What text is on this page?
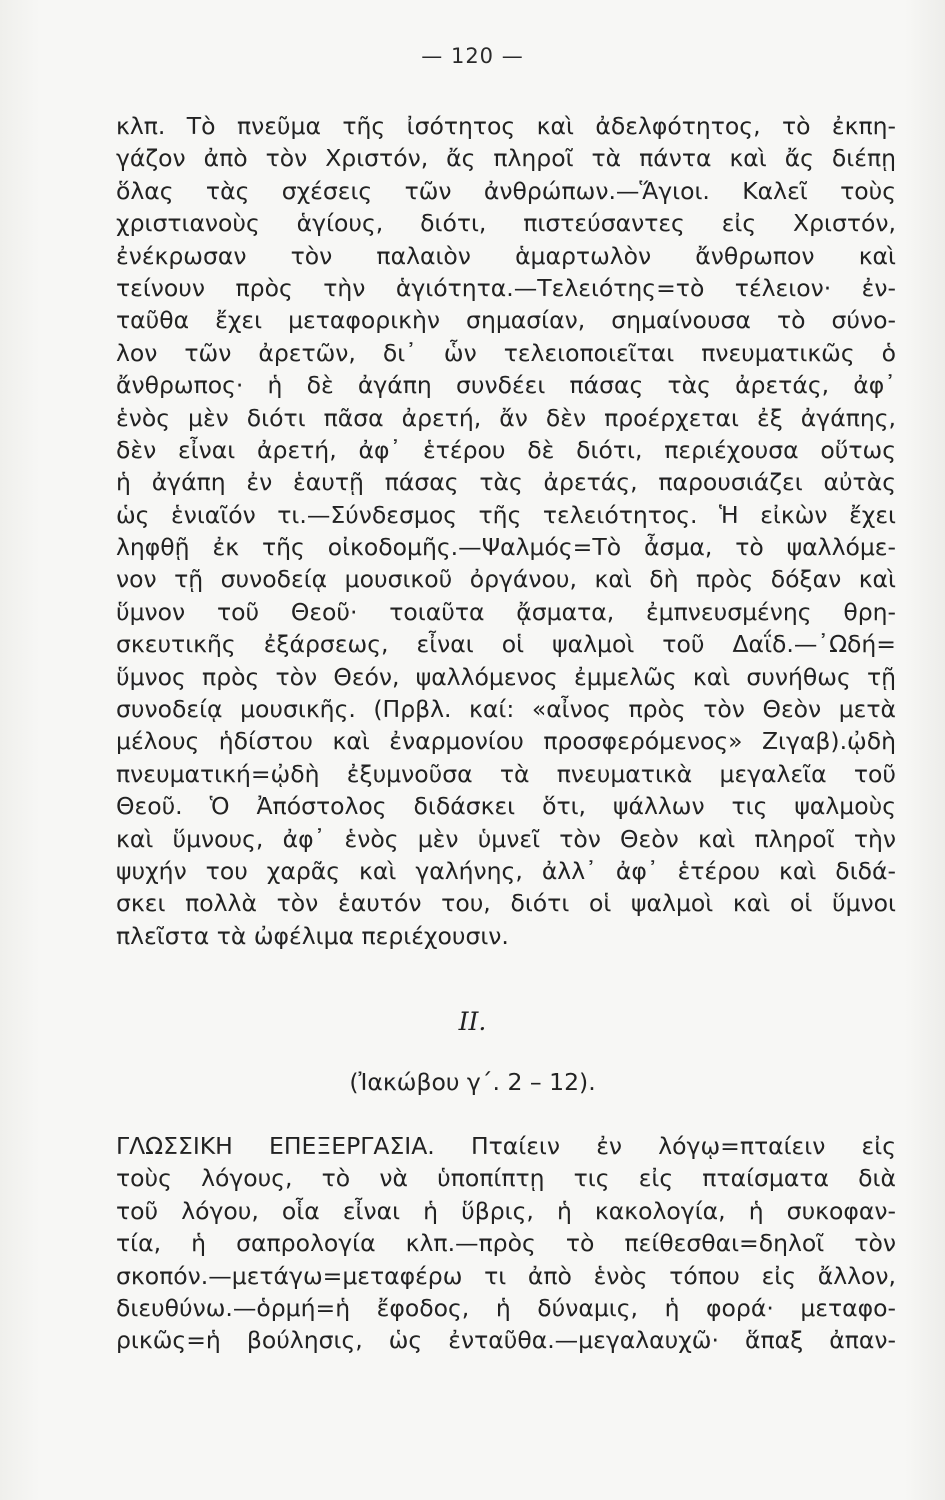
— 120 —
κλπ. Τὸ πνεῦμα τῆς ἰσότητος καὶ ἀδελφότητος, τὸ ἐκπη-
γάζον ἀπὸ τὸν Χριστόν, ἄς πληροῖ τὰ πάντα καὶ ἄς διέπῃ
ὅλας τὰς σχέσεις τῶν ἀνθρώπων.—Ἅγιοι. Καλεῖ τοὺς
χριστιανοὺς ἁγίους, διότι, πιστεύσαντες εἰς Χριστόν,
ἐνέκρωσαν τὸν παλαιὸν ἁμαρτωλὸν ἄνθρωπον καὶ
τείνουν πρὸς τὴν ἁγιότητα.—Τελειότης=τὸ τέλειον· ἐν-
ταῦθα ἔχει μεταφορικὴν σημασίαν, σημαίνουσα τὸ σύνο-
λον τῶν ἀρετῶν, δι᾽ ὧν τελειοποιεῖται πνευματικῶς ὁ
ἄνθρωπος· ἡ δὲ ἀγάπη συνδέει πάσας τὰς ἀρετάς, ἀφ᾽
ἑνὸς μὲν διότι πᾶσα ἀρετή, ἄν δὲν προέρχεται ἐξ ἀγάπης,
δὲν εἶναι ἀρετή, ἀφ᾽ ἑτέρου δὲ διότι, περιέχουσα οὕτως
ἡ ἀγάπη ἐν ἑαυτῇ πάσας τὰς ἀρετάς, παρουσιάζει αὐτὰς
ὡς ἑνιαῖόν τι.—Σύνδεσμος τῆς τελειότητος. Ἡ εἰκὼν ἔχει
ληφθῇ ἐκ τῆς οἰκοδομῆς.—Ψαλμός=Τὸ ἆσμα, τὸ ψαλλόμε-
νον τῇ συνοδείᾳ μουσικοῦ ὀργάνου, καὶ δὴ πρὸς δόξαν καὶ
ὕμνον τοῦ Θεοῦ· τοιαῦτα ᾄσματα, ἐμπνευσμένης θρη-
σκευτικῆς ἐξάρσεως, εἶναι οἱ ψαλμοὶ τοῦ Δαΐδ.—᾽Ωδή=
ὕμνος πρὸς τὸν Θεόν, ψαλλόμενος ἐμμελῶς καὶ συνήθως τῇ
συνοδείᾳ μουσικῆς. (Πρβλ. καί: «αἶνος πρὸς τὸν Θεὸν μετὰ
μέλους ἡδίστου καὶ ἐναρμονίου προσφερόμενος» Ζιγαβ).ᾠδὴ
πνευματική=ᾠδὴ ἐξυμνοῦσα τὰ πνευματικὰ μεγαλεῖα τοῦ
Θεοῦ. Ὁ Ἀπόστολος διδάσκει ὅτι, ψάλλων τις ψαλμοὺς
καὶ ὕμνους, ἀφ᾽ ἑνὸς μὲν ὑμνεῖ τὸν Θεὸν καὶ πληροῖ τὴν
ψυχήν του χαρᾶς καὶ γαλήνης, ἀλλ᾽ ἀφ᾽ ἑτέρου καὶ διδά-
σκει πολλὰ τὸν ἑαυτόν του, διότι οἱ ψαλμοὶ καὶ οἱ ὕμνοι
πλεῖστα τὰ ὠφέλιμα περιέχουσιν.
II.
(Ἰακώβου γ΄. 2 – 12).
ΓΛΩΣΣΙΚΗ ΕΠΕΞΕΡΓΑΣΙΑ. Πταίειν ἐν λόγῳ=πταίειν εἰς
τοὺς λόγους, τὸ νὰ ὑποπίπτῃ τις εἰς πταίσματα διὰ
τοῦ λόγου, οἷα εἶναι ἡ ὕβρις, ἡ κακολογία, ἡ συκοφαν-
τία, ἡ σαπρολογία κλπ.—πρὸς τὸ πείθεσθαι=δηλοῖ τὸν
σκοπόν.—μετάγω=μεταφέρω τι ἀπὸ ἑνὸς τόπου εἰς ἄλλον,
διευθύνω.—ὁρμή=ἡ ἔφοδος, ἡ δύναμις, ἡ φορά· μεταφο-
ρικῶς=ἡ βούλησις, ὡς ἐνταῦθα.—μεγαλαυχῶ· ἅπαξ ἀπαν-
